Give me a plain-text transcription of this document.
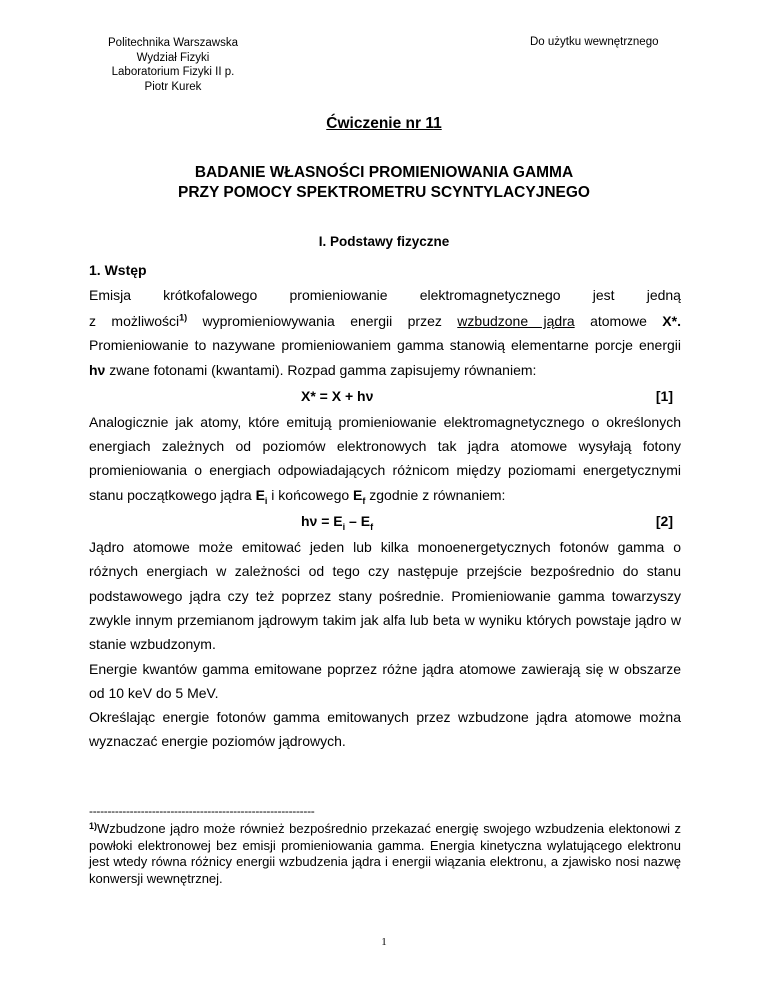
Politechnika Warszawska
Wydział Fizyki
Laboratorium Fizyki II p.
Piotr Kurek
Do użytku wewnętrznego
Ćwiczenie nr 11
BADANIE WŁASNOŚCI PROMIENIOWANIA GAMMA
PRZY POMOCY SPEKTROMETRU SCYNTYLACYJNEGO
I. Podstawy fizyczne
1. Wstęp
Emisja krótkofalowego promieniowanie elektromagnetycznego jest jedną

z możliwości$^{1)}$ wypromieniowywania energii przez wzbudzone jądra atomowe X*. Promieniowanie to nazywane promieniowaniem gamma stanowią elementarne porcje energii hν zwane fotonami (kwantami). Rozpad gamma zapisujemy równaniem:

X* = X + hν	[1]

Analogicznie jak atomy, które emitują promieniowanie elektromagnetycznego o określonych energiach zależnych od poziomów elektronowych tak jądra atomowe wysyłają fotony promieniowania o energiach odpowiadających różnicom między poziomami energetycznymi stanu początkowego jądra $E_i$ i końcowego $E_f$ zgodnie z równaniem:

$h\nu = E_i - E_f$	[2]

Jądro atomowe może emitować jeden lub kilka monoenergetycznych fotonów gamma o różnych energiach w zależności od tego czy następuje przejście bezpośrednio do stanu podstawowego jądra czy też poprzez stany pośrednie. Promieniowanie gamma towarzyszy zwykle innym przemianom jądrowym takim jak alfa lub beta w wyniku których powstaje jądro w stanie wzbudzonym.

Energie kwantów gamma emitowane poprzez różne jądra atomowe zawierają się w obszarze od 10 keV do 5 MeV.

Określając energie fotonów gamma emitowanych przez wzbudzone jądra atomowe można wyznaczać energie poziomów jądrowych.

-------------------------------------------------------------
$^{1)}$Wzbudzone jądro może również bezpośrednio przekazać energię swojego wzbudzenia elektonowi z powłoki elektronowej bez emisji promieniowania gamma. Energia kinetyczna wylatującego elektronu jest wtedy równa różnicy energii wzbudzenia jądra i energii wiązania elektronu, a zjawisko nosi nazwę konwersji wewnętrznej.
1
